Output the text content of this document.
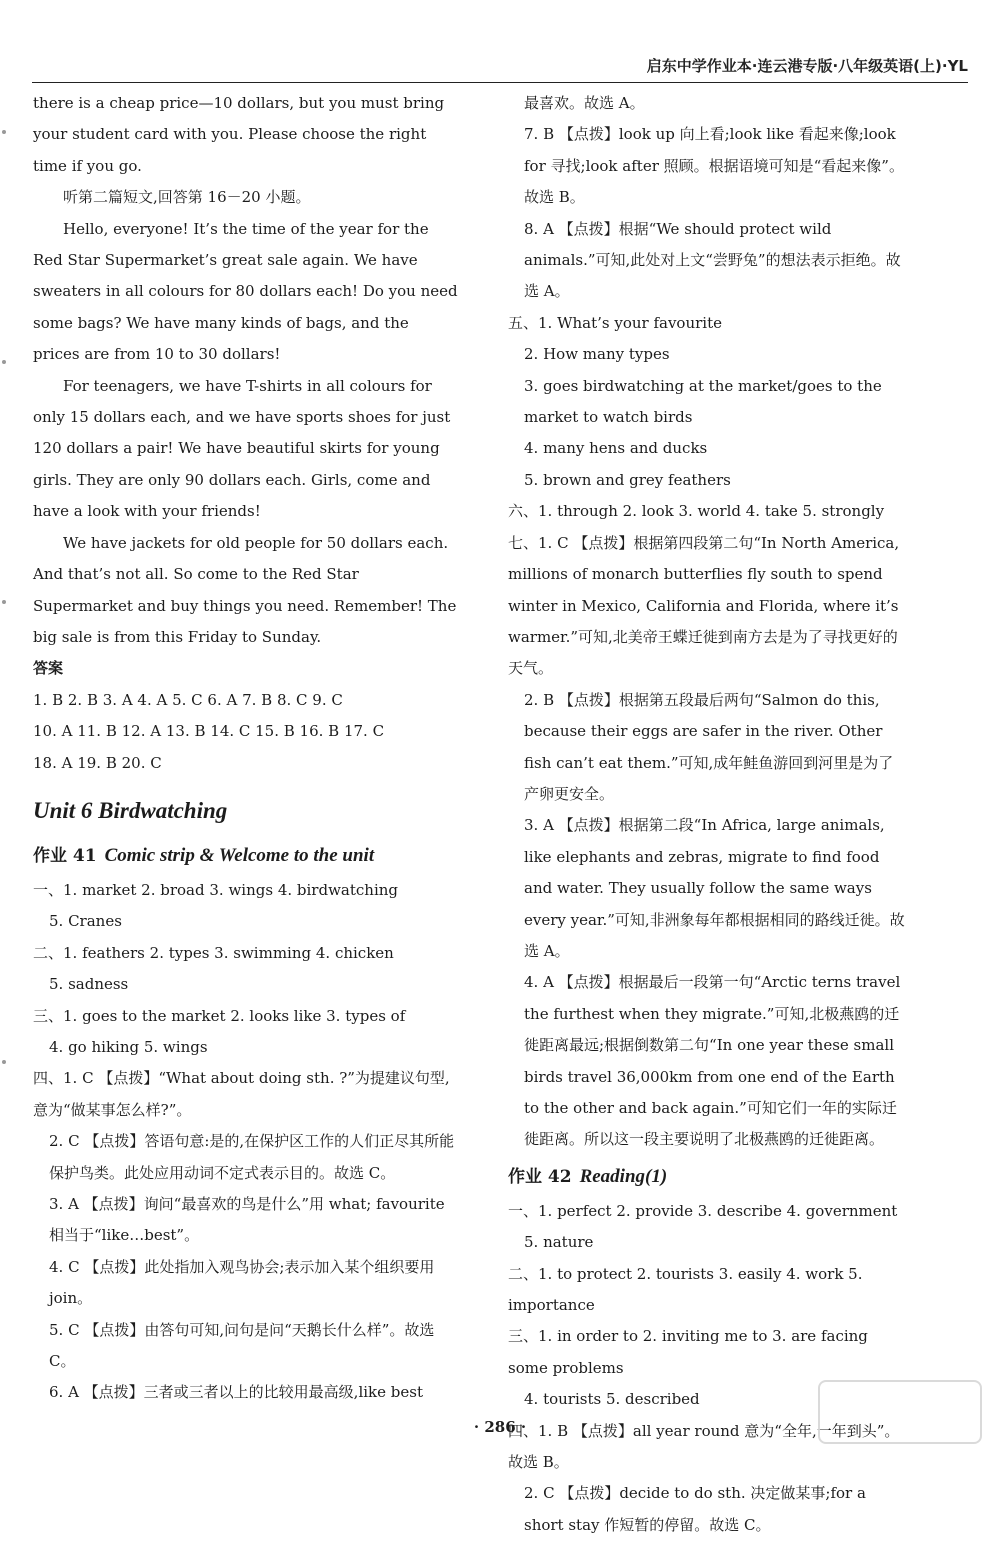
启东中学作业本·连云港专版·八年级英语(上)·YL

there is a cheap price—10 dollars, but you must bring your student card with you. Please choose the right time if you go.

听第二篇短文,回答第 16－20 小题。

Hello, everyone! It’s the time of the year for the Red Star Supermarket’s great sale again. We have sweaters in all colours for 80 dollars each! Do you need some bags? We have many kinds of bags, and the prices are from 10 to 30 dollars!

For teenagers, we have T-shirts in all colours for only 15 dollars each, and we have sports shoes for just 120 dollars a pair! We have beautiful skirts for young girls. They are only 90 dollars each. Girls, come and have a look with your friends!

We have jackets for old people for 50 dollars each. And that’s not all. So come to the Red Star Supermarket and buy things you need. Remember! The big sale is from this Friday to Sunday.

答案

1. B 2. B 3. A 4. A 5. C 6. A 7. B 8. C 9. C

10. A 11. B 12. A 13. B 14. C 15. B 16. B 17. C

18. A 19. B 20. C

Unit 6 Birdwatching
作业 41 Comic strip & Welcome to the unit

一、1. market 2. broad 3. wings 4. birdwatching

5. Cranes

二、1. feathers 2. types 3. swimming 4. chicken

5. sadness

三、1. goes to the market 2. looks like 3. types of

4. go hiking 5. wings

四、1. C 【点拨】“What about doing sth. ?”为提建议句型, 意为“做某事怎么样?”。

2. C 【点拨】答语句意:是的,在保护区工作的人们正尽其所能保护鸟类。此处应用动词不定式表示目的。故选 C。

3. A 【点拨】询问“最喜欢的鸟是什么”用 what; favourite 相当于“like…best”。

4. C 【点拨】此处指加入观鸟协会;表示加入某个组织要用 join。

5. C 【点拨】由答句可知,问句是问“天鹅长什么样”。故选 C。

6. A 【点拨】三者或三者以上的比较用最高级,like best

最喜欢。故选 A。

7. B 【点拨】look up 向上看;look like 看起来像;look for 寻找;look after 照顾。根据语境可知是“看起来像”。故选 B。

8. A 【点拨】根据“We should protect wild animals.”可知,此处对上文“尝野兔”的想法表示拒绝。故选 A。

五、1. What’s your favourite

2. How many types

3. goes birdwatching at the market/goes to the market to watch birds

4. many hens and ducks

5. brown and grey feathers

六、1. through 2. look 3. world 4. take 5. strongly

七、1. C 【点拨】根据第四段第二句“In North America, millions of monarch butterflies fly south to spend winter in Mexico, California and Florida, where it’s warmer.”可知,北美帝王蝶迁徙到南方去是为了寻找更好的天气。

2. B 【点拨】根据第五段最后两句“Salmon do this, because their eggs are safer in the river. Other fish can’t eat them.”可知,成年鲑鱼游回到河里是为了产卵更安全。

3. A 【点拨】根据第二段“In Africa, large animals, like elephants and zebras, migrate to find food and water. They usually follow the same ways every year.”可知,非洲象每年都根据相同的路线迁徙。故选 A。

4. A 【点拨】根据最后一段第一句“Arctic terns travel the furthest when they migrate.”可知,北极燕鸥的迁徙距离最远;根据倒数第二句“In one year these small birds travel 36,000km from one end of the Earth to the other and back again.”可知它们一年的实际迁徙距离。所以这一段主要说明了北极燕鸥的迁徙距离。

作业 42 Reading(1)

一、1. perfect 2. provide 3. describe 4. government

5. nature

二、1. to protect 2. tourists 3. easily 4. work 5. importance

三、1. in order to 2. inviting me to 3. are facing some problems

4. tourists 5. described

四、1. B 【点拨】all year round 意为“全年,一年到头”。故选 B。

2. C 【点拨】decide to do sth. 决定做某事;for a short stay 作短暂的停留。故选 C。

· 286 ·
